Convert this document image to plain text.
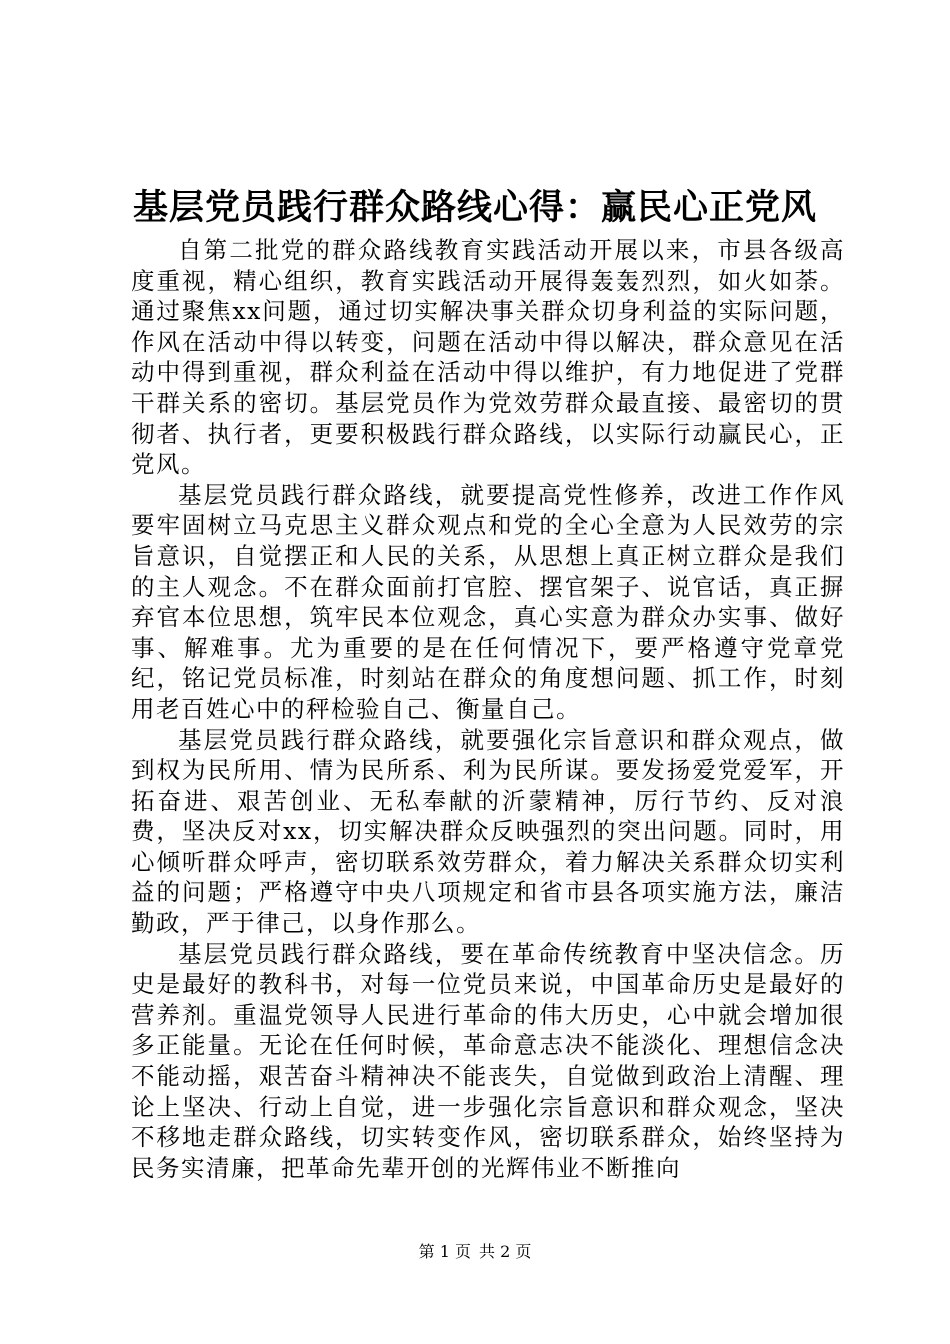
基层党员践行群众路线心得：赢民心正党风

自第二批党的群众路线教育实践活动开展以来，市县各级高度重视，精心组织，教育实践活动开展得轰轰烈烈，如火如荼。通过聚焦xx问题，通过切实解决事关群众切身利益的实际问题，作风在活动中得以转变，问题在活动中得以解决，群众意见在活动中得到重视，群众利益在活动中得以维护，有力地促进了党群干群关系的密切。基层党员作为党效劳群众最直接、最密切的贯彻者、执行者，更要积极践行群众路线，以实际行动赢民心，正党风。

基层党员践行群众路线，就要提高党性修养，改进工作作风要牢固树立马克思主义群众观点和党的全心全意为人民效劳的宗旨意识，自觉摆正和人民的关系，从思想上真正树立群众是我们的主人观念。不在群众面前打官腔、摆官架子、说官话，真正摒弃官本位思想，筑牢民本位观念，真心实意为群众办实事、做好事、解难事。尤为重要的是在任何情况下，要严格遵守党章党纪，铭记党员标准，时刻站在群众的角度想问题、抓工作，时刻用老百姓心中的秤检验自己、衡量自己。

基层党员践行群众路线，就要强化宗旨意识和群众观点，做到权为民所用、情为民所系、利为民所谋。要发扬爱党爱军，开拓奋进、艰苦创业、无私奉献的沂蒙精神，厉行节约、反对浪费，坚决反对xx，切实解决群众反映强烈的突出问题。同时，用心倾听群众呼声，密切联系效劳群众，着力解决关系群众切实利益的问题；严格遵守中央八项规定和省市县各项实施方法，廉洁勤政，严于律己，以身作那么。

基层党员践行群众路线，要在革命传统教育中坚决信念。历史是最好的教科书，对每一位党员来说，中国革命历史是最好的营养剂。重温党领导人民进行革命的伟大历史，心中就会增加很多正能量。无论在任何时候，革命意志决不能淡化、理想信念决不能动摇，艰苦奋斗精神决不能丧失，自觉做到政治上清醒、理论上坚决、行动上自觉，进一步强化宗旨意识和群众观念，坚决不移地走群众路线，切实转变作风，密切联系群众，始终坚持为民务实清廉，把革命先辈开创的光辉伟业不断推向

第 1 页 共 2 页
